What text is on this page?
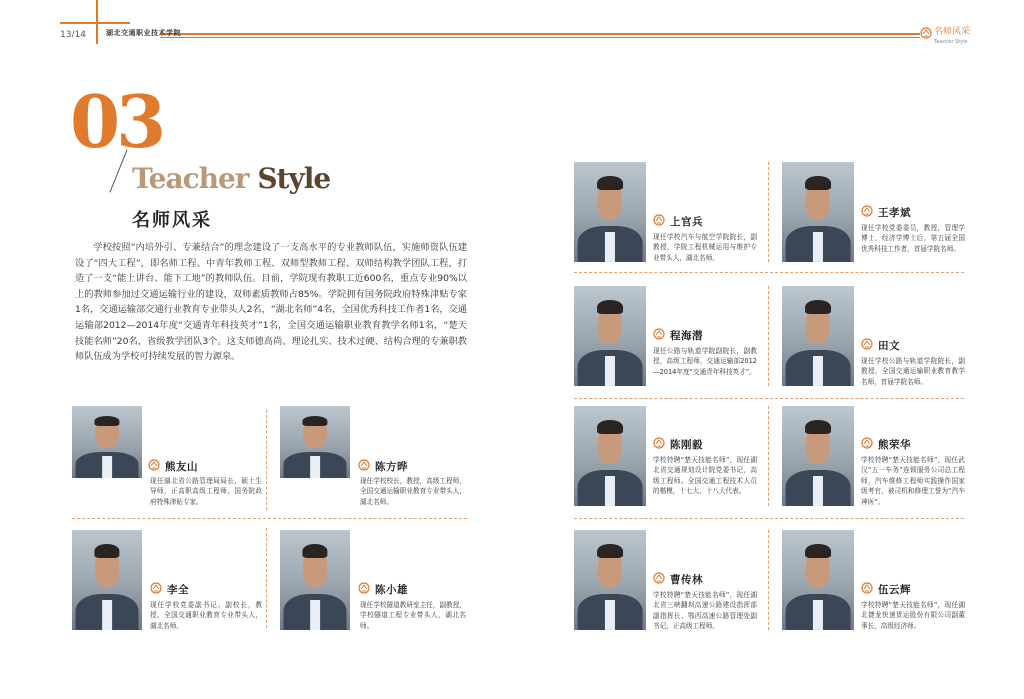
13/14	湖北交通职业技术学院	名师风采
Teacher Style
03
Teacher Style
名师风采
学校按照“内培外引、专兼结合”的理念建设了一支高水平的专业教师队伍，实施师资队伍建设了“四大工程”，即名师工程、中青年教师工程、双师型教师工程、双师结构教学团队工程，打造了一支“能上讲台、能下工地”的教师队伍。目前，学院现有教职工近600名，重点专业90%以上的教师参加过交通运输行业的建设，双师素质教师占85%。学院拥有国务院政府特殊津贴专家1名，交通运输部交通行业教育专业带头人2名，“湖北名师”4名，全国优秀科技工作者1名，交通运输部2012—2014年度“交通青年科技英才”1名，全国交通运输职业教育教学名师1名，“楚天技能名师”20名，省级教学团队3个。这支师德高尚、理论扎实、技术过硬、结构合理的专兼职教师队伍成为学校可持续发展的智力源泉。
熊友山
现任湖北省公路管理局局长，硕士生导师，正高职高级工程师，国务院政府特殊津贴专家。
陈方晔
现任学校校长，教授，高级工程师，全国交通运输职业教育专业带头人，湖北名师。
李全
现任学校党委副书记、副校长，教授，全国交通职业教育专业带头人，湖北名师。
陈小雄
现任学校隧道教研室主任，副教授，学校隧道工程专业带头人，湖北名师。
上官兵
现任学校汽车与航空学院院长，副教授，学院工程机械运用与维护专业带头人，湖北名师。
王孝斌
现任学校党委委员，教授，管理学博士，经济学博士后，第五届全国优秀科技工作者，首届学院名师。
程海潜
现任公路与轨道学院副院长，副教授，高级工程师，交通运输部2012—2014年度“交通青年科技英才”。
田文
现任学校公路与轨道学院院长，副教授，全国交通运输职业教育教学名师，首届学院名师。
陈刚毅
学校特聘“楚天技能名师”，现任湖北省交通规划设计院党委书记，高级工程师。全国交通工程技术人员的楷模，十七大、十八大代表。
熊荣华
学校特聘“楚天技能名师”，现任武汉“五一车务”连锁服务公司总工程师，汽车维修工程师实践操作国家级考官，被司机和修理工誉为“汽车神医”。
曹传林
学校特聘“楚天技能名师”，现任湖北省三峡翻坝高速公路建设指挥部副指挥长、鄂西高速公路管理处副书记，正高级工程师。
伍云辉
学校特聘“楚天技能名师”，现任湖北捷龙快速货运股份有限公司副董事长，高级经济师。
